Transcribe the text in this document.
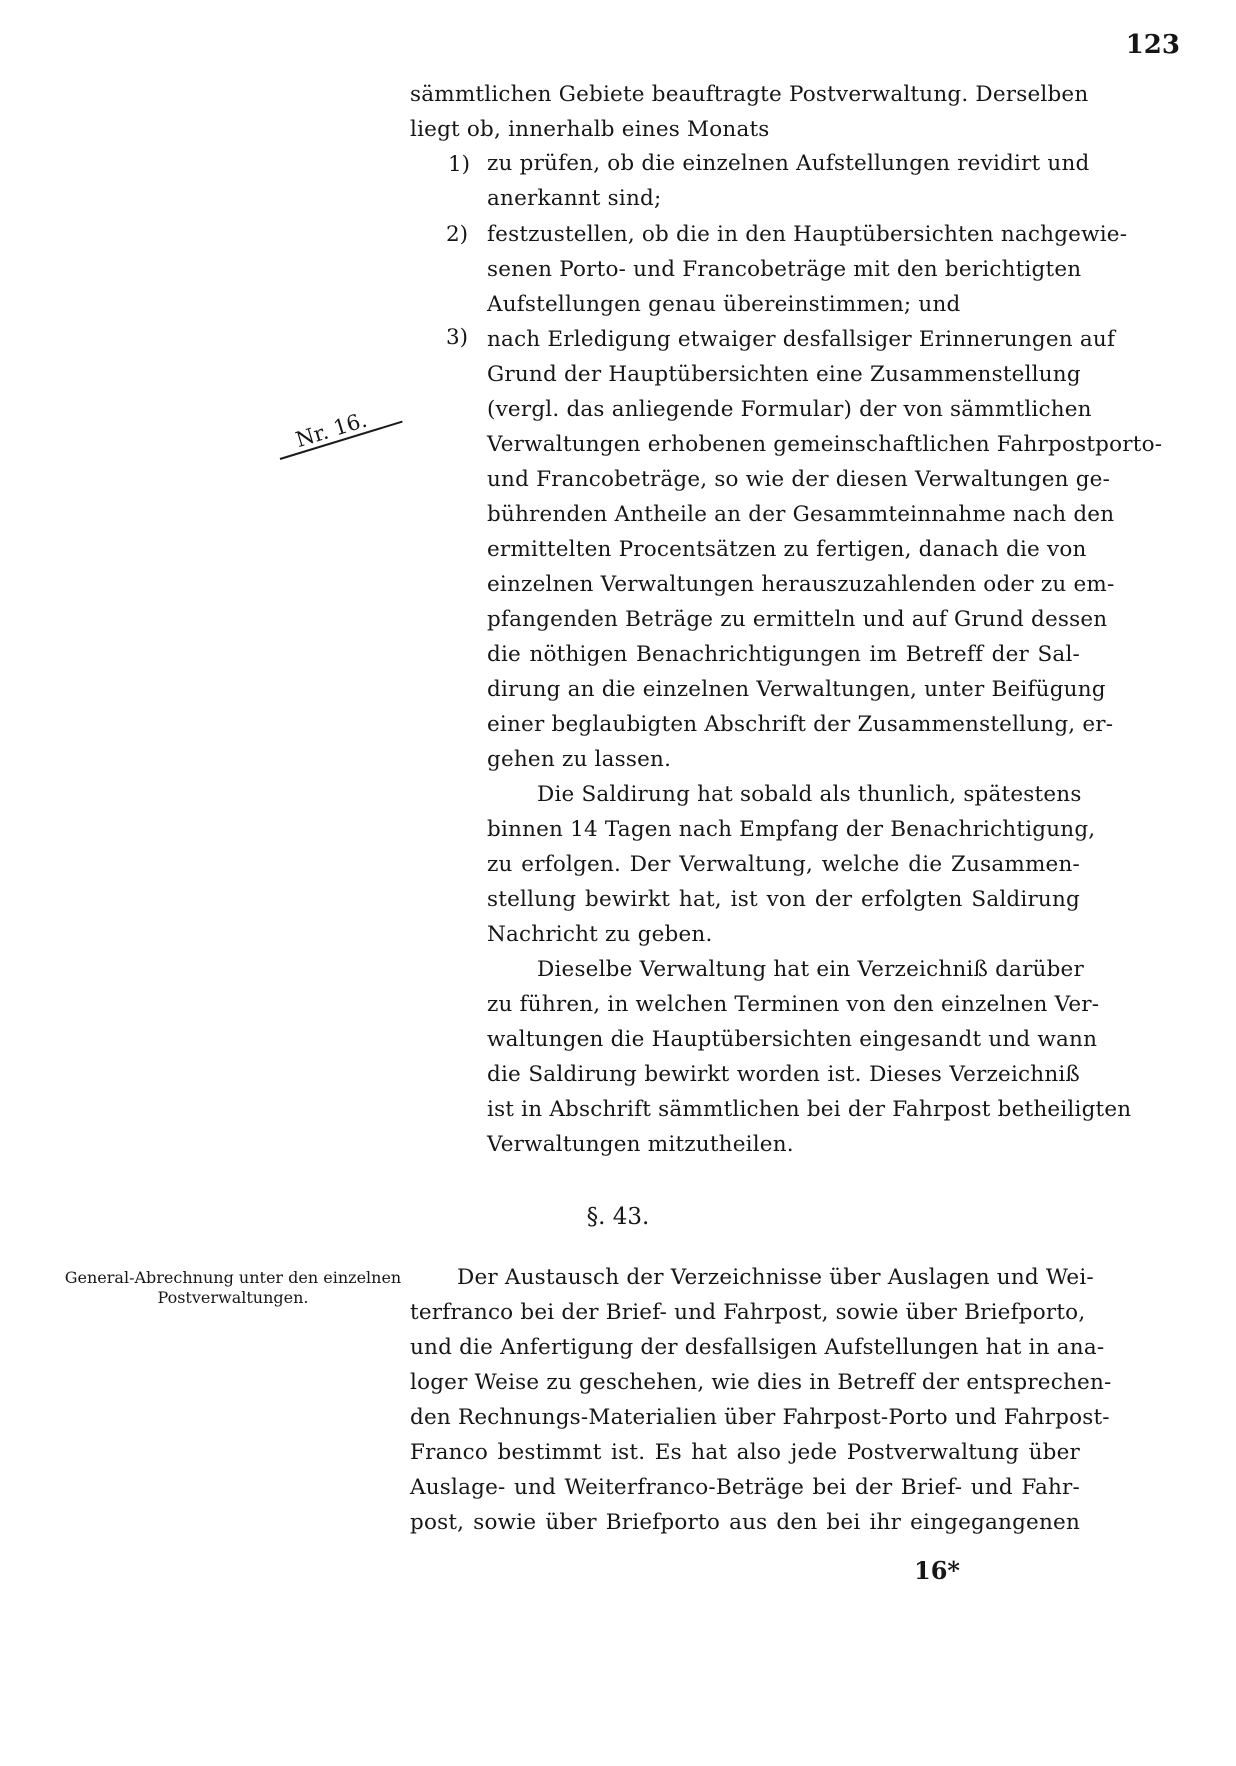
123
sämmtlichen Gebiete beauftragte Postverwaltung. Derselben
liegt ob, innerhalb eines Monats
1) zu prüfen, ob die einzelnen Aufstellungen revidirt und
anerkannt sind;
2) festzustellen, ob die in den Hauptübersichten nachgewie-
senen Porto- und Francobeträge mit den berichtigten
Aufstellungen genau übereinstimmen; und
3) nach Erledigung etwaiger desfallsiger Erinnerungen auf
Grund der Hauptübersichten eine Zusammenstellung
(vergl. das anliegende Formular) der von sämmtlichen
Verwaltungen erhobenen gemeinschaftlichen Fahrpostporto-
und Francobeträge, so wie der diesen Verwaltungen ge-
bührenden Antheile an der Gesammteinnahme nach den
ermittelten Procentsätzen zu fertigen, danach die von
einzelnen Verwaltungen herauszuzahlenden oder zu em-
pfangenden Beträge zu ermitteln und auf Grund dessen
die nöthigen Benachrichtigungen im Betreff der Sal-
dirung an die einzelnen Verwaltungen, unter Beifügung
einer beglaubigten Abschrift der Zusammenstellung, er-
gehen zu lassen.
Nr. 16.
Die Saldirung hat sobald als thunlich, spätestens
binnen 14 Tagen nach Empfang der Benachrichtigung,
zu erfolgen. Der Verwaltung, welche die Zusammen-
stellung bewirkt hat, ist von der erfolgten Saldirung
Nachricht zu geben.
Dieselbe Verwaltung hat ein Verzeichniß darüber
zu führen, in welchen Terminen von den einzelnen Ver-
waltungen die Hauptübersichten eingesandt und wann
die Saldirung bewirkt worden ist. Dieses Verzeichniß
ist in Abschrift sämmtlichen bei der Fahrpost betheiligten
Verwaltungen mitzutheilen.
§. 43.
General-Abrechnung unter den einzelnen Postverwaltungen.
Der Austausch der Verzeichnisse über Auslagen und Wei-
terfranco bei der Brief- und Fahrpost, sowie über Briefporto,
und die Anfertigung der desfallsigen Aufstellungen hat in ana-
loger Weise zu geschehen, wie dies in Betreff der entsprechen-
den Rechnungs-Materialien über Fahrpost-Porto und Fahrpost-
Franco bestimmt ist. Es hat also jede Postverwaltung über
Auslage- und Weiterfranco-Beträge bei der Brief- und Fahr-
post, sowie über Briefporto aus den bei ihr eingegangenen
16*
